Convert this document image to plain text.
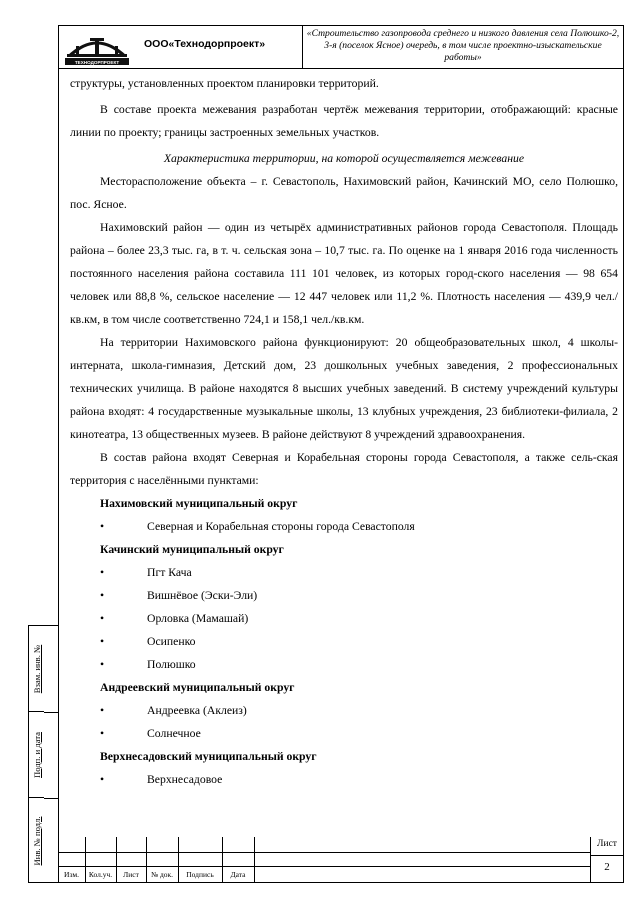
ТЕХНОДОРПРОЕКТ
ООО«Технодорпроект»
«Строительство газопровода среднего и низкого давления села Полюшко-2, 3-я (поселок Ясное) очередь, в том числе проектно-изыскательские работы»

структуры, установленных проектом планировки территорий.

В составе проекта межевания разработан чертёж межевания территории, отображающий: красные линии по проекту; границы застроенных земельных участков.

Характеристика территории, на которой осуществляется межевание

Месторасположение объекта – г. Севастополь, Нахимовский район, Качинский МО, село Полюшко, пос. Ясное.

Нахимовский район — один из четырёх административных районов города Севастополя. Площадь района – более 23,3 тыс. га, в т. ч. сельская зона – 10,7 тыс. га. По оценке на 1 января 2016 года численность постоянного населения района составила 111 101 человек, из которых город-ского населения — 98 654 человек или 88,8 %, сельское население — 12 447 человек или 11,2 %. Плотность населения — 439,9 чел./кв.км, в том числе соответственно 724,1 и 158,1 чел./кв.км.

На территории Нахимовского района функционируют: 20 общеобразовательных школ, 4 школы-интерната, школа-гимназия, Детский дом, 23 дошкольных учебных заведения, 2 профессиональных технических училища. В районе находятся 8 высших учебных заведений. В систему учреждений культуры района входят: 4 государственные музыкальные школы, 13 клубных учреждения, 23 библиотеки-филиала, 2 кинотеатра, 13 общественных музеев. В районе действуют 8 учреждений здравоохранения.

В состав района входят Северная и Корабельная стороны города Севастополя, а также сель-ская территория с населёнными пунктами:

Нахимовский муниципальный округ
• Северная и Корабельная стороны города Севастополя
Качинский муниципальный округ
• Пгт Кача
• Вишнёвое (Эски-Эли)
• Орловка (Мамашай)
• Осипенко
• Полюшко
Андреевский муниципальный округ
• Андреевка (Аклеиз)
• Солнечное
Верхнесадовский муниципальный округ
• Верхнесадовое
Взам. инв. №
Подп. и дата
Инв. № подл.
Изм.	Кол.уч.	Лист	№ док.	Подпись	Дата
Лист
2
